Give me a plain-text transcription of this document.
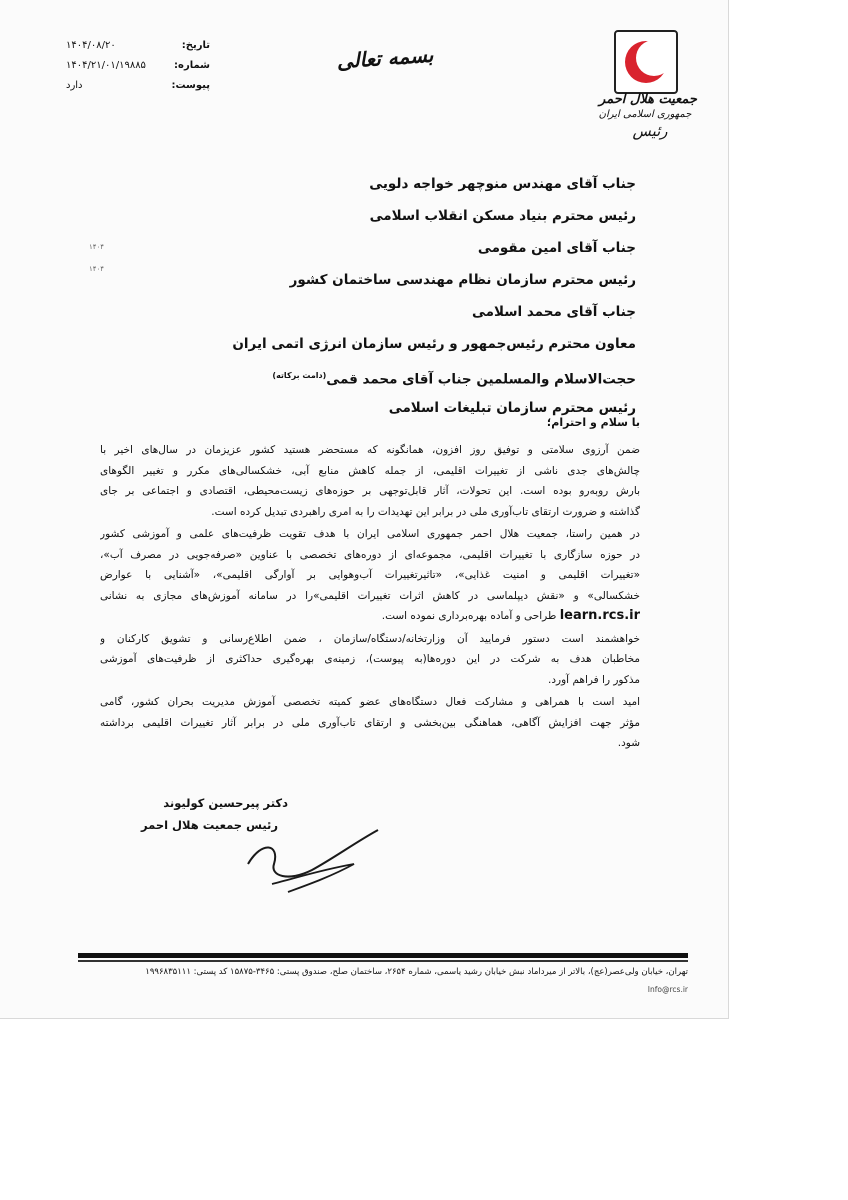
جمعیت هلال احمر
جمهوری اسلامی ایران
رئیس
بسمه تعالی
تاریخ:
۱۴۰۴/۰۸/۲۰
شماره:
۱۴۰۴/۲۱/۰۱/۱۹۸۸۵
پیوست:
دارد
جناب آقای مهندس منوچهر خواجه دلویی
رئیس محترم بنیاد مسکن انقلاب اسلامی
جناب آقای امین مقومی
رئیس محترم سازمان نظام مهندسی ساختمان کشور
جناب آقای محمد اسلامی
معاون محترم رئیس‌جمهور و رئیس سازمان انرژی اتمی ایران
حجت‌الاسلام والمسلمین جناب آقای محمد قمی$^{(دامت برکاته)}$
رئیس محترم سازمان تبلیغات اسلامی
۱۴۰۴
۱۴۰۴
با سلام و احترام؛
ضمن آرزوی سلامتی و توفیق روز افزون، همانگونه که مستحضر هستید کشور عزیزمان در سال‌های اخیر با
چالش‌های جدی ناشی از تغییرات اقلیمی، از جمله کاهش منابع آبی، خشکسالی‌های مکرر و تغییر الگوهای
بارش روبه‌رو بوده است. این تحولات، آثار قابل‌توجهی بر حوزه‌های زیست‌محیطی، اقتصادی و اجتماعی بر جای
گذاشته و ضرورت ارتقای تاب‌آوری ملی در برابر این تهدیدات را به امری راهبردی تبدیل کرده است.
در همین راستا، جمعیت هلال احمر جمهوری اسلامی ایران با هدف تقویت ظرفیت‌های علمی و آموزشی کشور
در حوزه سازگاری با تغییرات اقلیمی، مجموعه‌ای از دوره‌های تخصصی با عناوین «صرفه‌جویی در مصرف آب»،
«تغییرات اقلیمی و امنیت غذایی»، «تاثیرتغییرات آب‌وهوایی بر آوارگی اقلیمی»، «آشنایی با عوارض
خشکسالی» و «نقش دیپلماسی در کاهش اثرات تغییرات اقلیمی»را در سامانه آموزش‌های مجازی به نشانی
learn.rcs.ir طراحی و آماده بهره‌برداری نموده است.
خواهشمند است دستور فرمایید آن وزارتخانه/دستگاه/سازمان ، ضمن اطلاع‌رسانی و تشویق کارکنان و
مخاطبان هدف به شرکت در این دوره‌ها(به پیوست)، زمینه‌ی بهره‌گیری حداکثری از ظرفیت‌های آموزشی
مذکور را فراهم آورد.
امید است با همراهی و مشارکت فعال دستگاه‌های عضو کمیته تخصصی آموزش مدیریت بحران کشور، گامی
مؤثر جهت افزایش آگاهی، هماهنگی بین‌بخشی و ارتقای تاب‌آوری ملی در برابر آثار تغییرات اقلیمی برداشته
شود.
دکتر پیرحسین کولیوند
رئیس جمعیت هلال احمر
تهران، خیابان ولی‌عصر(عج)، بالاتر از میرداماد نبش خیابان رشید یاسمی، شماره ۲۶۵۴، ساختمان صلح، صندوق پستی: ۳۴۶۵-۱۵۸۷۵ کد پستی: ۱۹۹۶۸۳۵۱۱۱
Info@rcs.ir
